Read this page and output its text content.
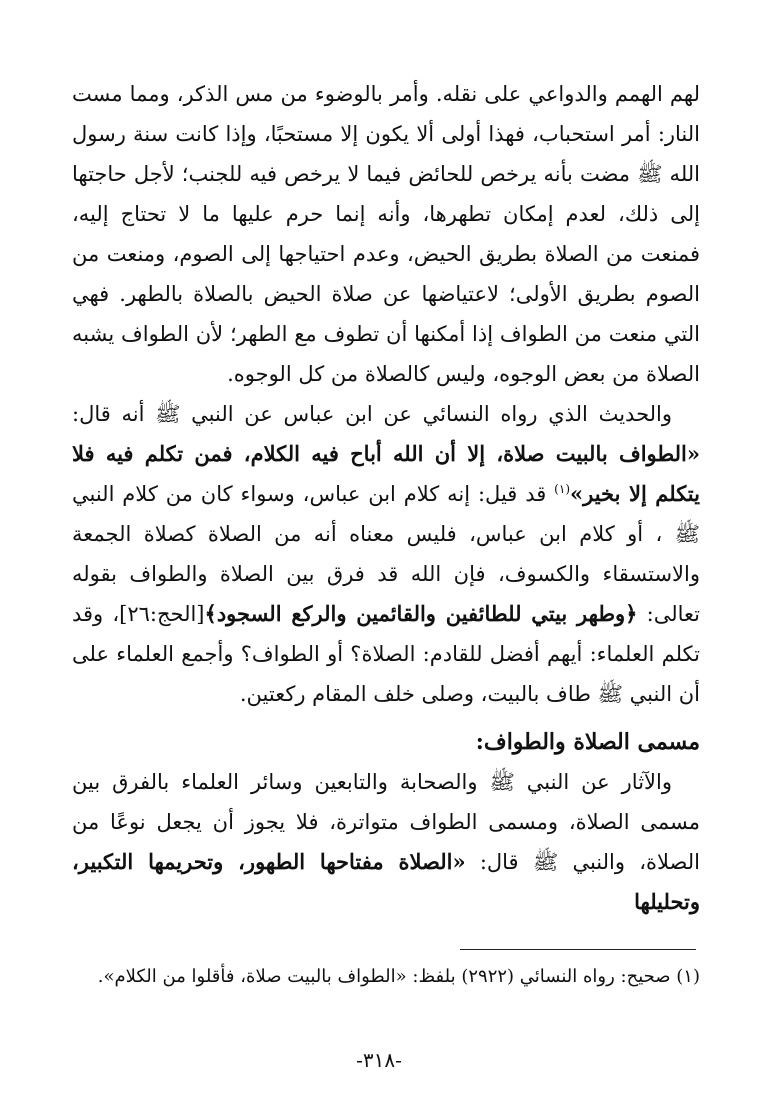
لهم الهمم والدواعي على نقله. وأمر بالوضوء من مس الذكر، ومما مست النار: أمر استحباب، فهذا أولى ألا يكون إلا مستحبًا، وإذا كانت سنة رسول الله ﷺ مضت بأنه يرخص للحائض فيما لا يرخص فيه للجنب؛ لأجل حاجتها إلى ذلك، لعدم إمكان تطهرها، وأنه إنما حرم عليها ما لا تحتاج إليه، فمنعت من الصلاة بطريق الحيض، وعدم احتياجها إلى الصوم، ومنعت من الصوم بطريق الأولى؛ لاعتياضها عن صلاة الحيض بالصلاة بالطهر. فهي التي منعت من الطواف إذا أمكنها أن تطوف مع الطهر؛ لأن الطواف يشبه الصلاة من بعض الوجوه، وليس كالصلاة من كل الوجوه.

والحديث الذي رواه النسائي عن ابن عباس عن النبي ﷺ أنه قال: «الطواف بالبيت صلاة، إلا أن الله أباح فيه الكلام، فمن تكلم فيه فلا يتكلم إلا بخير»$^{(١)}$ قد قيل: إنه كلام ابن عباس، وسواء كان من كلام النبي ﷺ ، أو كلام ابن عباس، فليس معناه أنه من الصلاة كصلاة الجمعة والاستسقاء والكسوف، فإن الله قد فرق بين الصلاة والطواف بقوله تعالى: ﴿وطهر بيتي للطائفين والقائمين والركع السجود﴾[الحج:٢٦]، وقد تكلم العلماء: أيهم أفضل للقادم: الصلاة؟ أو الطواف؟ وأجمع العلماء على أن النبي ﷺ طاف بالبيت، وصلى خلف المقام ركعتين.

مسمى الصلاة والطواف:

والآثار عن النبي ﷺ والصحابة والتابعين وسائر العلماء بالفرق بين مسمى الصلاة، ومسمى الطواف متواترة، فلا يجوز أن يجعل نوعًا من الصلاة، والنبي ﷺ قال: «الصلاة مفتاحها الطهور، وتحريمها التكبير، وتحليلها

(١) صحيح: رواه النسائي (٢٩٢٢) بلفظ: «الطواف بالبيت صلاة، فأقلوا من الكلام».

-٣١٨-
